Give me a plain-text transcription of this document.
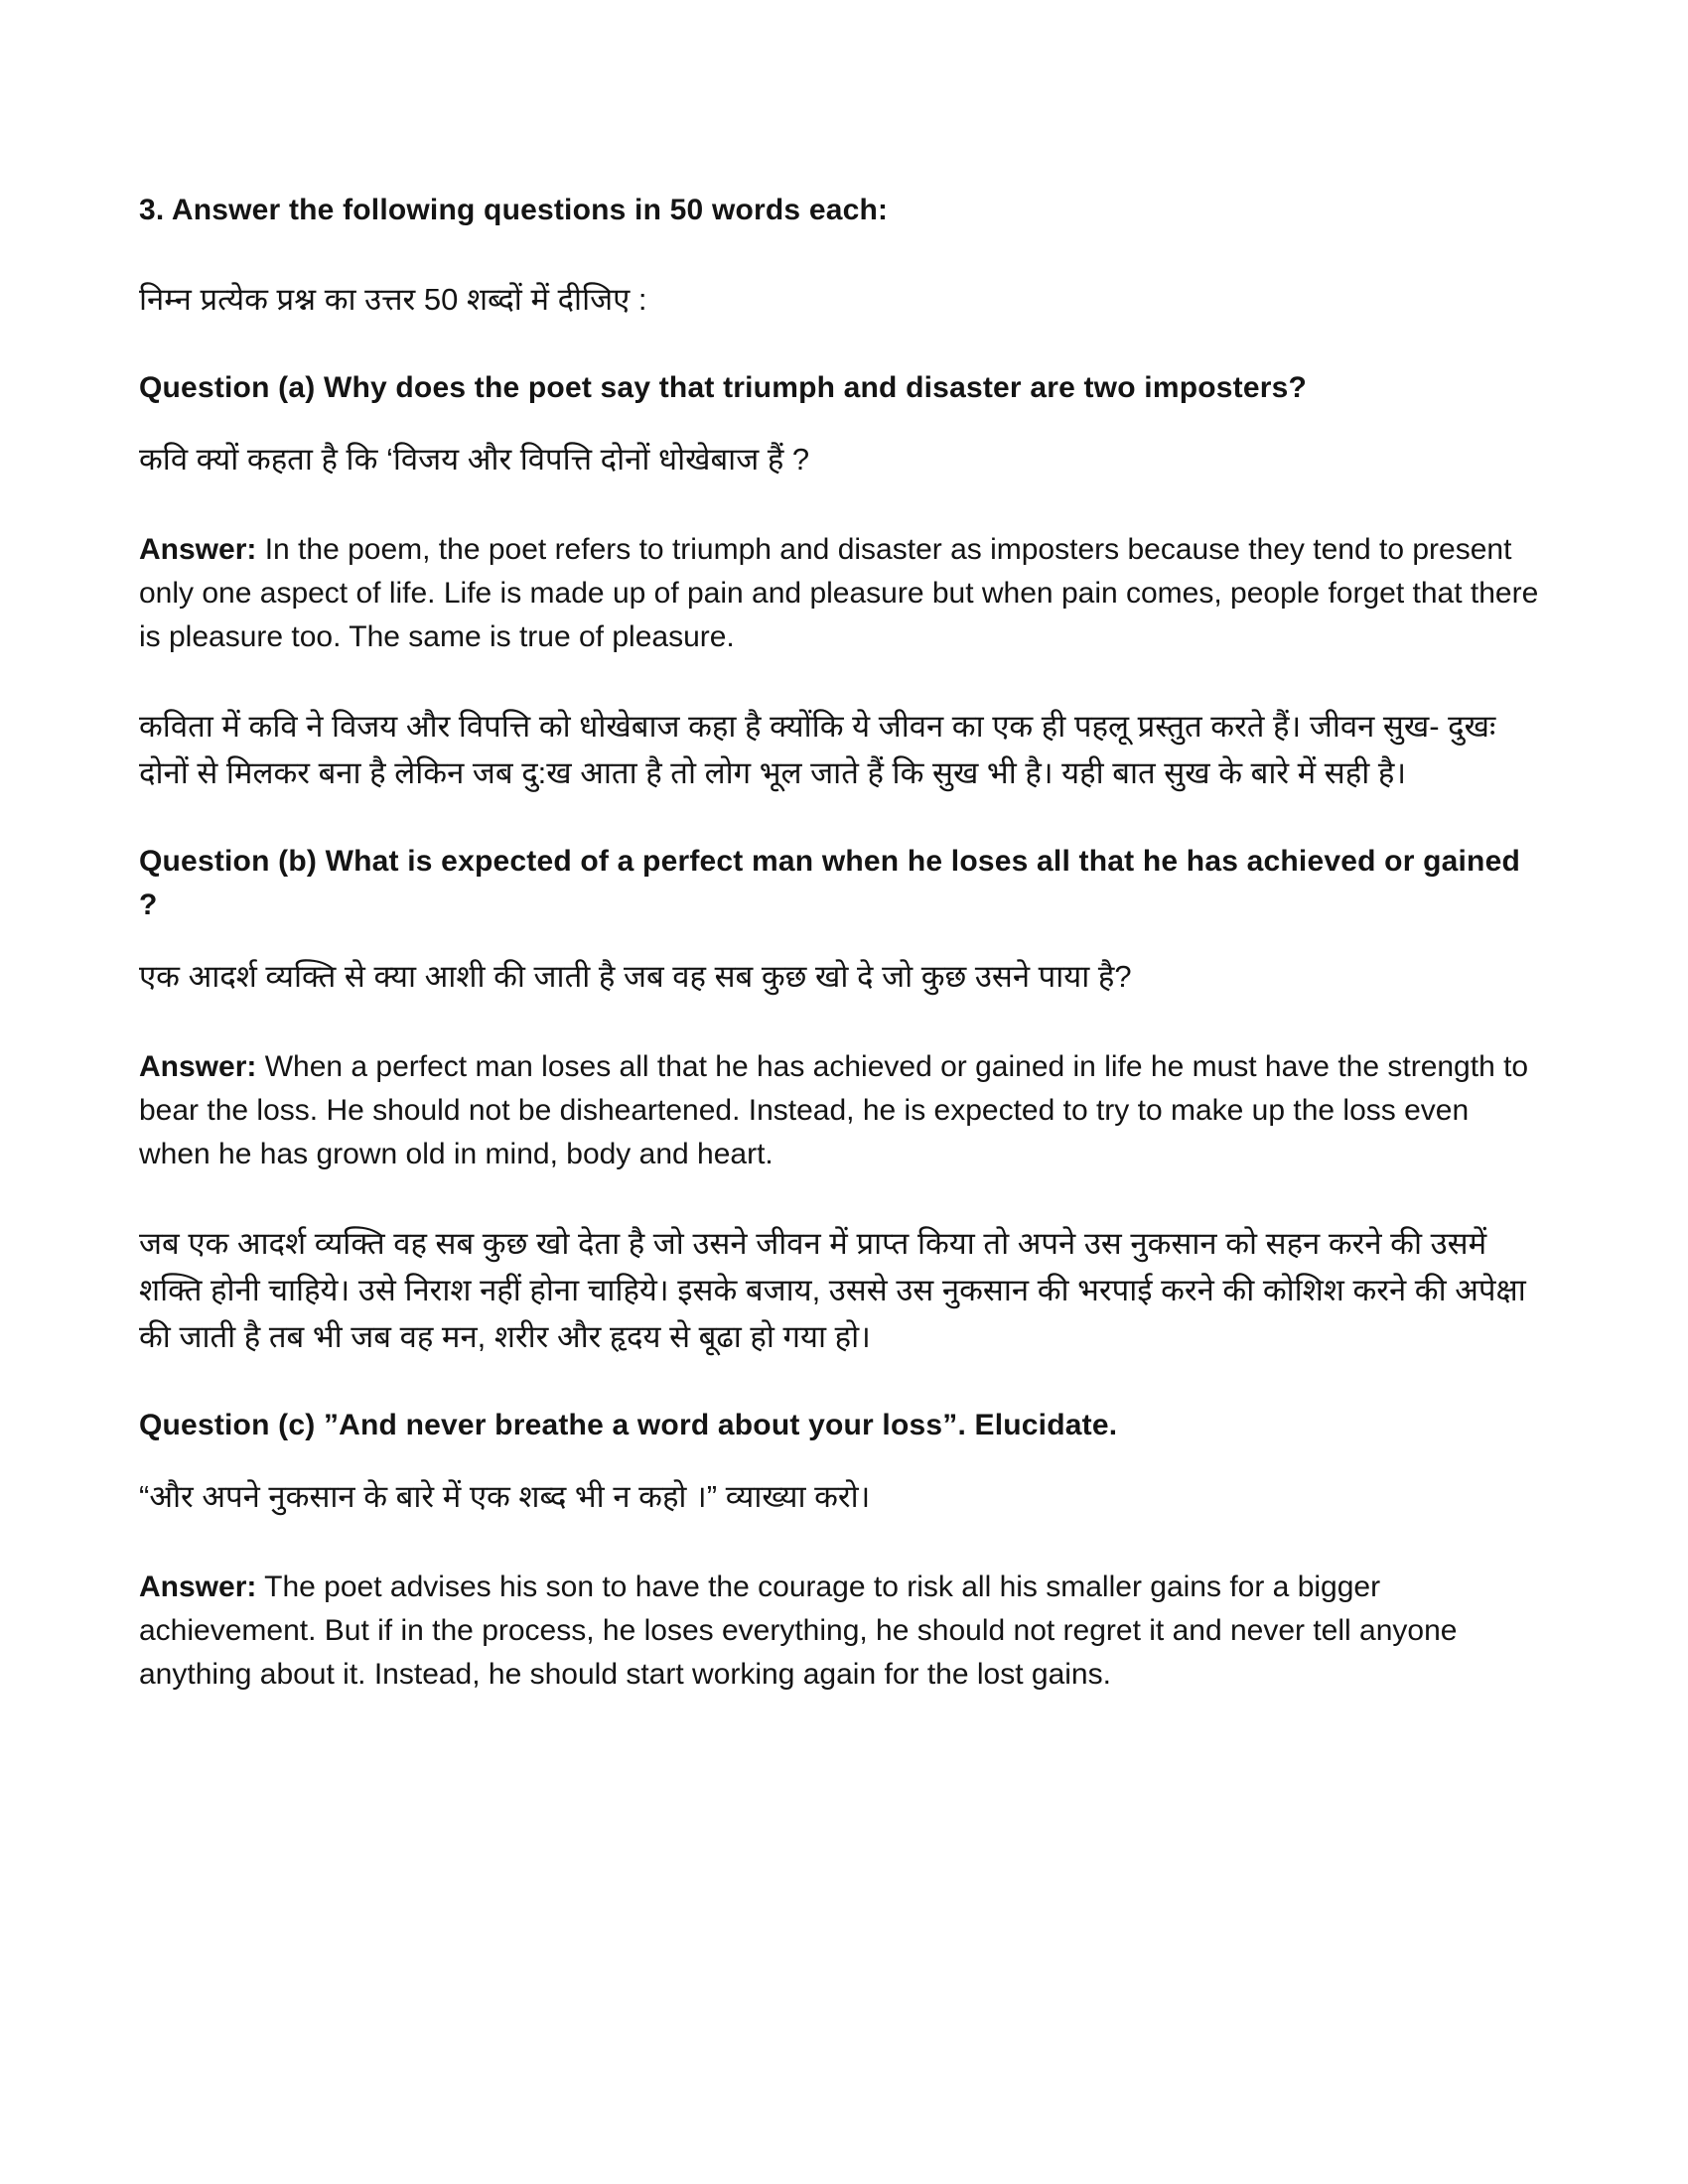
3. Answer the following questions in 50 words each:

निम्न प्रत्येक प्रश्न का उत्तर 50 शब्दों में दीजिए :

Question (a) Why does the poet say that triumph and disaster are two imposters?

कवि क्यों कहता है कि ‘विजय और विपत्ति दोनों धोखेबाज हैं ?

Answer: In the poem, the poet refers to triumph and disaster as imposters because they tend to present only one aspect of life. Life is made up of pain and pleasure but when pain comes, people forget that there is pleasure too. The same is true of pleasure.

कविता में कवि ने विजय और विपत्ति को धोखेबाज कहा है क्योंकि ये जीवन का एक ही पहलू प्रस्तुत करते हैं। जीवन सुख- दुखः दोनों से मिलकर बना है लेकिन जब दु:ख आता है तो लोग भूल जाते हैं कि सुख भी है। यही बात सुख के बारे में सही है।

Question (b) What is expected of a perfect man when he loses all that he has achieved or gained ?

एक आदर्श व्यक्ति से क्या आशी की जाती है जब वह सब कुछ खो दे जो कुछ उसने पाया है?

Answer: When a perfect man loses all that he has achieved or gained in life he must have the strength to bear the loss. He should not be disheartened. Instead, he is expected to try to make up the loss even when he has grown old in mind, body and heart.

जब एक आदर्श व्यक्ति वह सब कुछ खो देता है जो उसने जीवन में प्राप्त किया तो अपने उस नुकसान को सहन करने की उसमें शक्ति होनी चाहिये। उसे निराश नहीं होना चाहिये। इसके बजाय, उससे उस नुकसान की भरपाई करने की कोशिश करने की अपेक्षा की जाती है तब भी जब वह मन, शरीर और हृदय से बूढा हो गया हो।

Question (c) ”And never breathe a word about your loss”. Elucidate.

“और अपने नुकसान के बारे में एक शब्द भी न कहो ।” व्याख्या करो।

Answer: The poet advises his son to have the courage to risk all his smaller gains for a bigger achievement. But if in the process, he loses everything, he should not regret it and never tell anyone anything about it. Instead, he should start working again for the lost gains.
